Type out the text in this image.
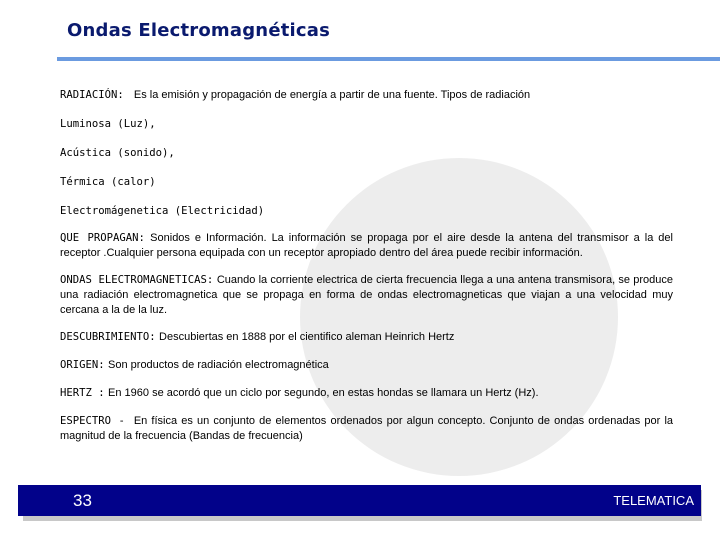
Ondas Electromagnéticas

RADIACIÓN: Es la emisión y propagación de energía a partir de una fuente. Tipos de radiación

Luminosa (Luz),

Acústica (sonido),

Térmica (calor)

Electromágenetica (Electricidad)

QUE PROPAGAN: Sonidos e Información. La información se propaga por el aire desde la antena del transmisor a la del receptor .Cualquier persona equipada con un receptor apropiado dentro del área puede recibir información.

ONDAS ELECTROMAGNETICAS: Cuando la corriente electrica de cierta frecuencia llega a una antena transmisora, se produce una radiación electromagnetica que se propaga en forma de ondas electromagneticas que viajan a una velocidad muy cercana a la de la luz.

DESCUBRIMIENTO: Descubiertas en 1888 por el cientifico aleman Heinrich Hertz

ORIGEN: Son productos de radiación electromagnética

HERTZ : En 1960 se acordó que un ciclo por segundo, en estas hondas se llamara un Hertz (Hz).

ESPECTRO - En física es un conjunto de elementos ordenados por algun concepto. Conjunto de ondas ordenadas por la magnitud de la frecuencia (Bandas de frecuencia)

33	TELEMATICA
